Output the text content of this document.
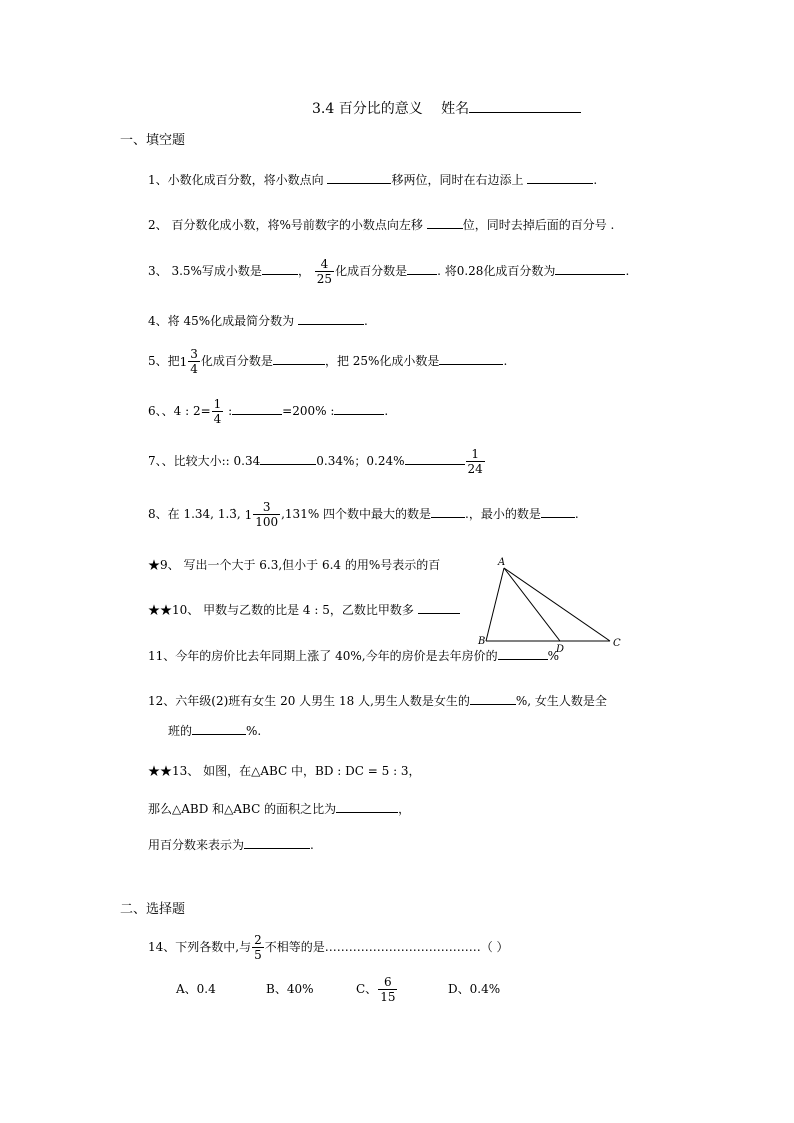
3.4 百分比的意义 姓名
一、填空题
1、小数化成百分数，将小数点向	移两位，同时在右边添上	.
2、 百分数化成小数，将%号前数字的小数点向左移	位，同时去掉后面的百分号 .
3、 3.5%写成小数是	， $\frac{4}{25}$ 化成百分数是	. 将0.28化成百分数为	.
4、将 45%化成最简分数为	.
5、把 $1 \frac{3}{4}$ 化成百分数是	，把 25%化成小数是	.
6、、4 : $2= \frac{1}{4}$ :	=200% :	.
7、、比较大小:: 0.34	0.34%；0.24%	$\frac{1}{24}$
8、在 1.34, 1.3̇, $1 \frac{3}{100} ,131\%$ 四个数中最大的数是	.，最小的数是	.
★9、 写出一个大于 6.3,但小于 6.4 的用%号表示的百
★★10、 甲数与乙数的比是 4 : 5，乙数比甲数多
A
B
D
C
11、今年的房价比去年同期上涨了 40%,今年的房价是去年房价的	%
12、六年级(2)班有女生 20 人男生 18 人,男生人数是女生的	%, 女生人数是全
班的	%.
★★13、 如图，在△ABC 中，BD : DC = 5 : 3，
那么△ABD 和△ABC 的面积之比为	，
用百分数来表示为	.
二、选择题
14、下列各数中,与 $\frac{2}{5}$ 不相等的是…………………………………（ ）
A、0.4	B、40%	C、 $\frac{6}{15}$	D、0.4%
